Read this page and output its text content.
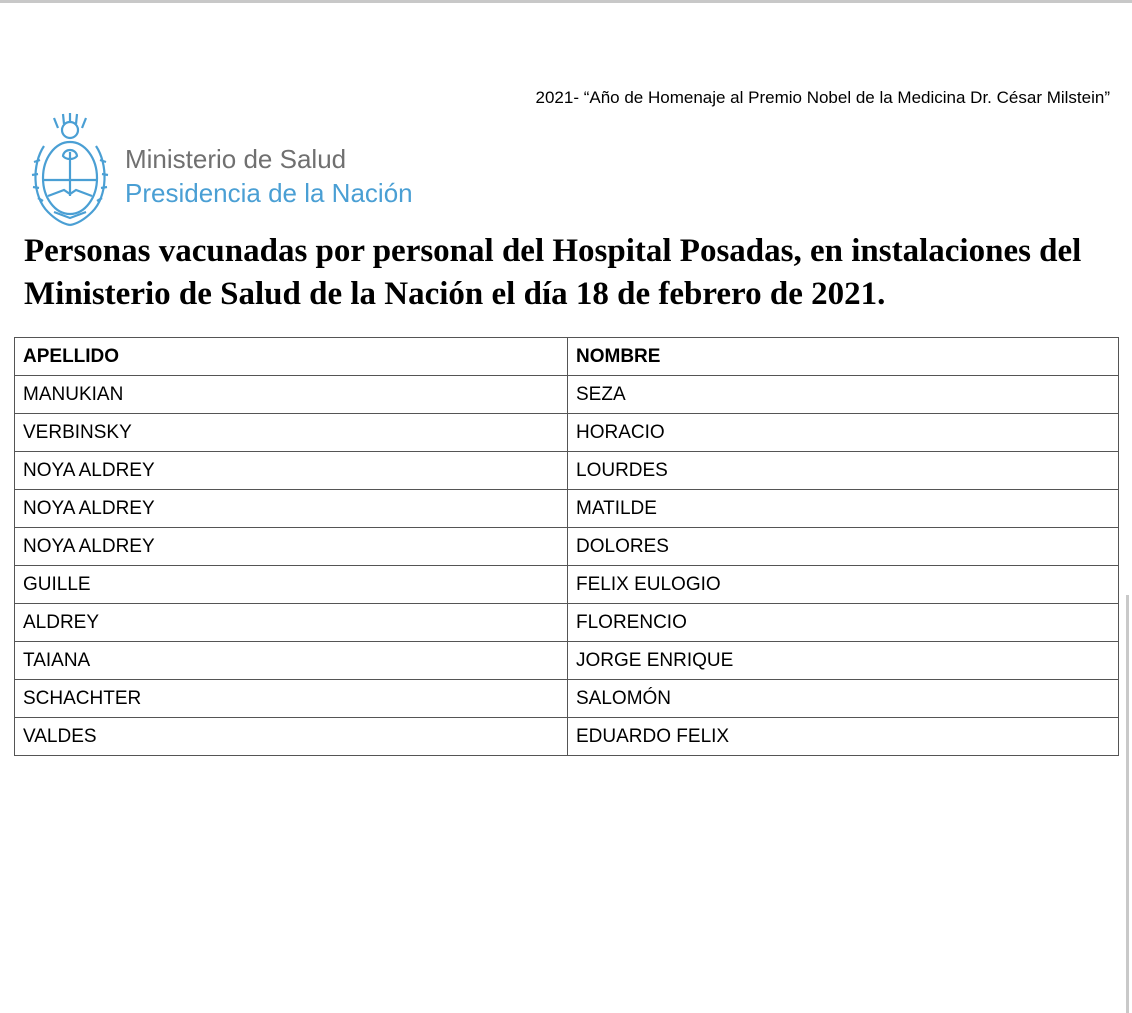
2021- “Año de Homenaje al Premio Nobel de la Medicina Dr. César Milstein”
Ministerio de Salud
Presidencia de la Nación
Personas vacunadas por personal del Hospital Posadas, en instalaciones del Ministerio de Salud de la Nación el día 18 de febrero de 2021.
APELLIDO	NOMBRE
MANUKIAN	SEZA
VERBINSKY	HORACIO
NOYA ALDREY	LOURDES
NOYA ALDREY	MATILDE
NOYA ALDREY	DOLORES
GUILLE	FELIX EULOGIO
ALDREY	FLORENCIO
TAIANA	JORGE ENRIQUE
SCHACHTER	SALOMÓN
VALDES	EDUARDO FELIX
